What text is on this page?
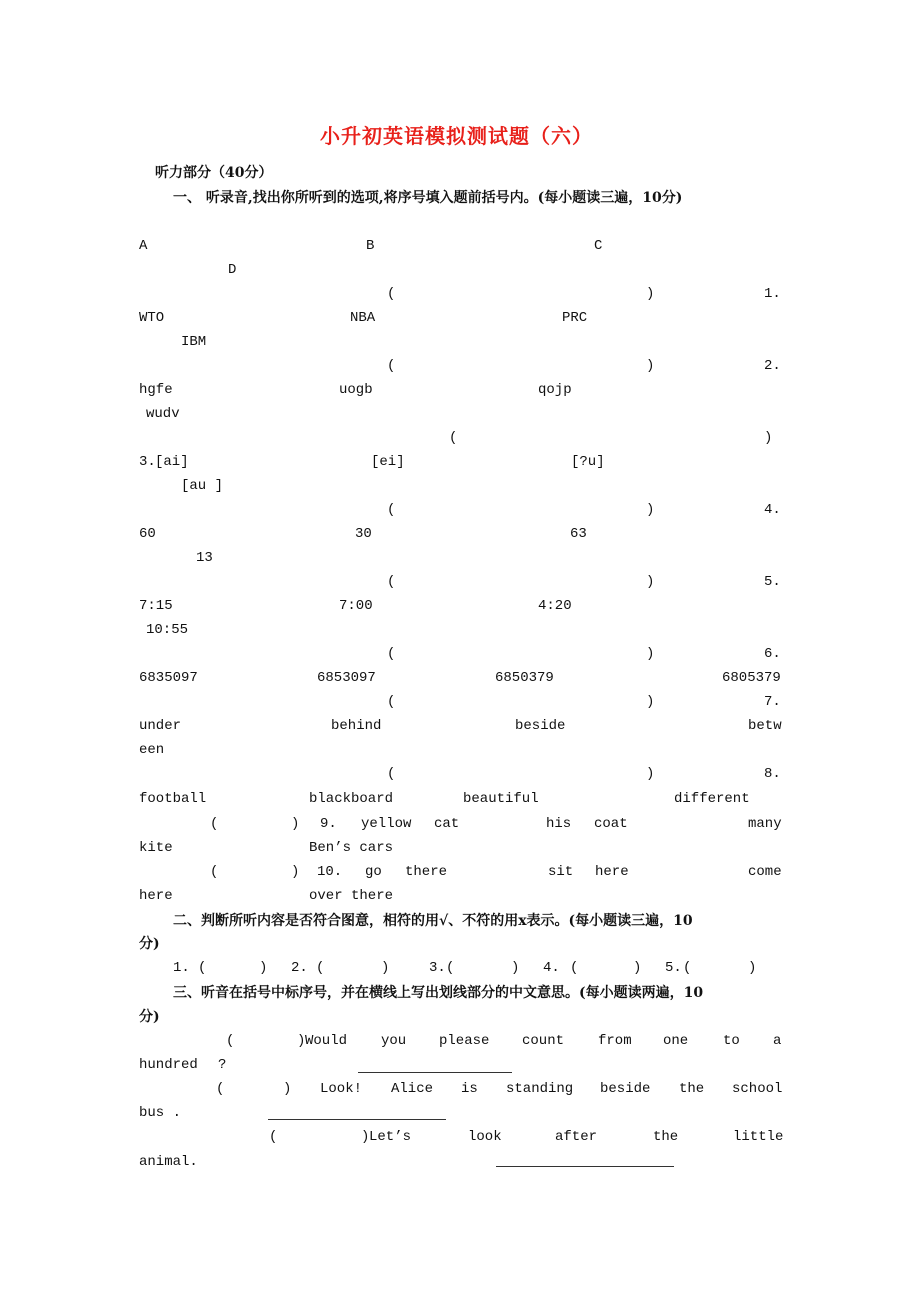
小升初英语模拟测试题（六）
听力部分（40分）
一、 听录音,找出你所听到的选项,将序号填入题前括号内。(每小题读三遍，10分)
A	B	C
D
(	)	1.
WTO	NBA	PRC
IBM
(	)	2.
hgfe	uogb	qojp
wudv
(	)
3. [ai]	[ei]	[?u]
[au ]
(	)	4.
60	30	63
13
(	)	5.
7:15	7:00	4:20
10:55
(	)	6.
6835097	6853097	6850379	6805379
(	)	7.
under	behind	beside	betw
een
(	)	8.
football	blackboard	beautiful	different
(	) 9. yellow cat	his coat	many
kite	Ben’s cars
(	) 10. go there	sit here	come
here	over there
二、判断所听内容是否符合图意，相符的用√、不符的用x表示。(每小题读三遍，10
分)
1. (	) 2. (	)	3. (	) 4. (	) 5. (	)
三、听音在括号中标序号，并在横线上写出划线部分的中文意思。(每小题读两遍，10
分)
(	) Would you please count from one to a
hundred ?
(	) Look! Alice is standing beside the school
bus .
(	) Let’s	look	after	the	little
animal.
